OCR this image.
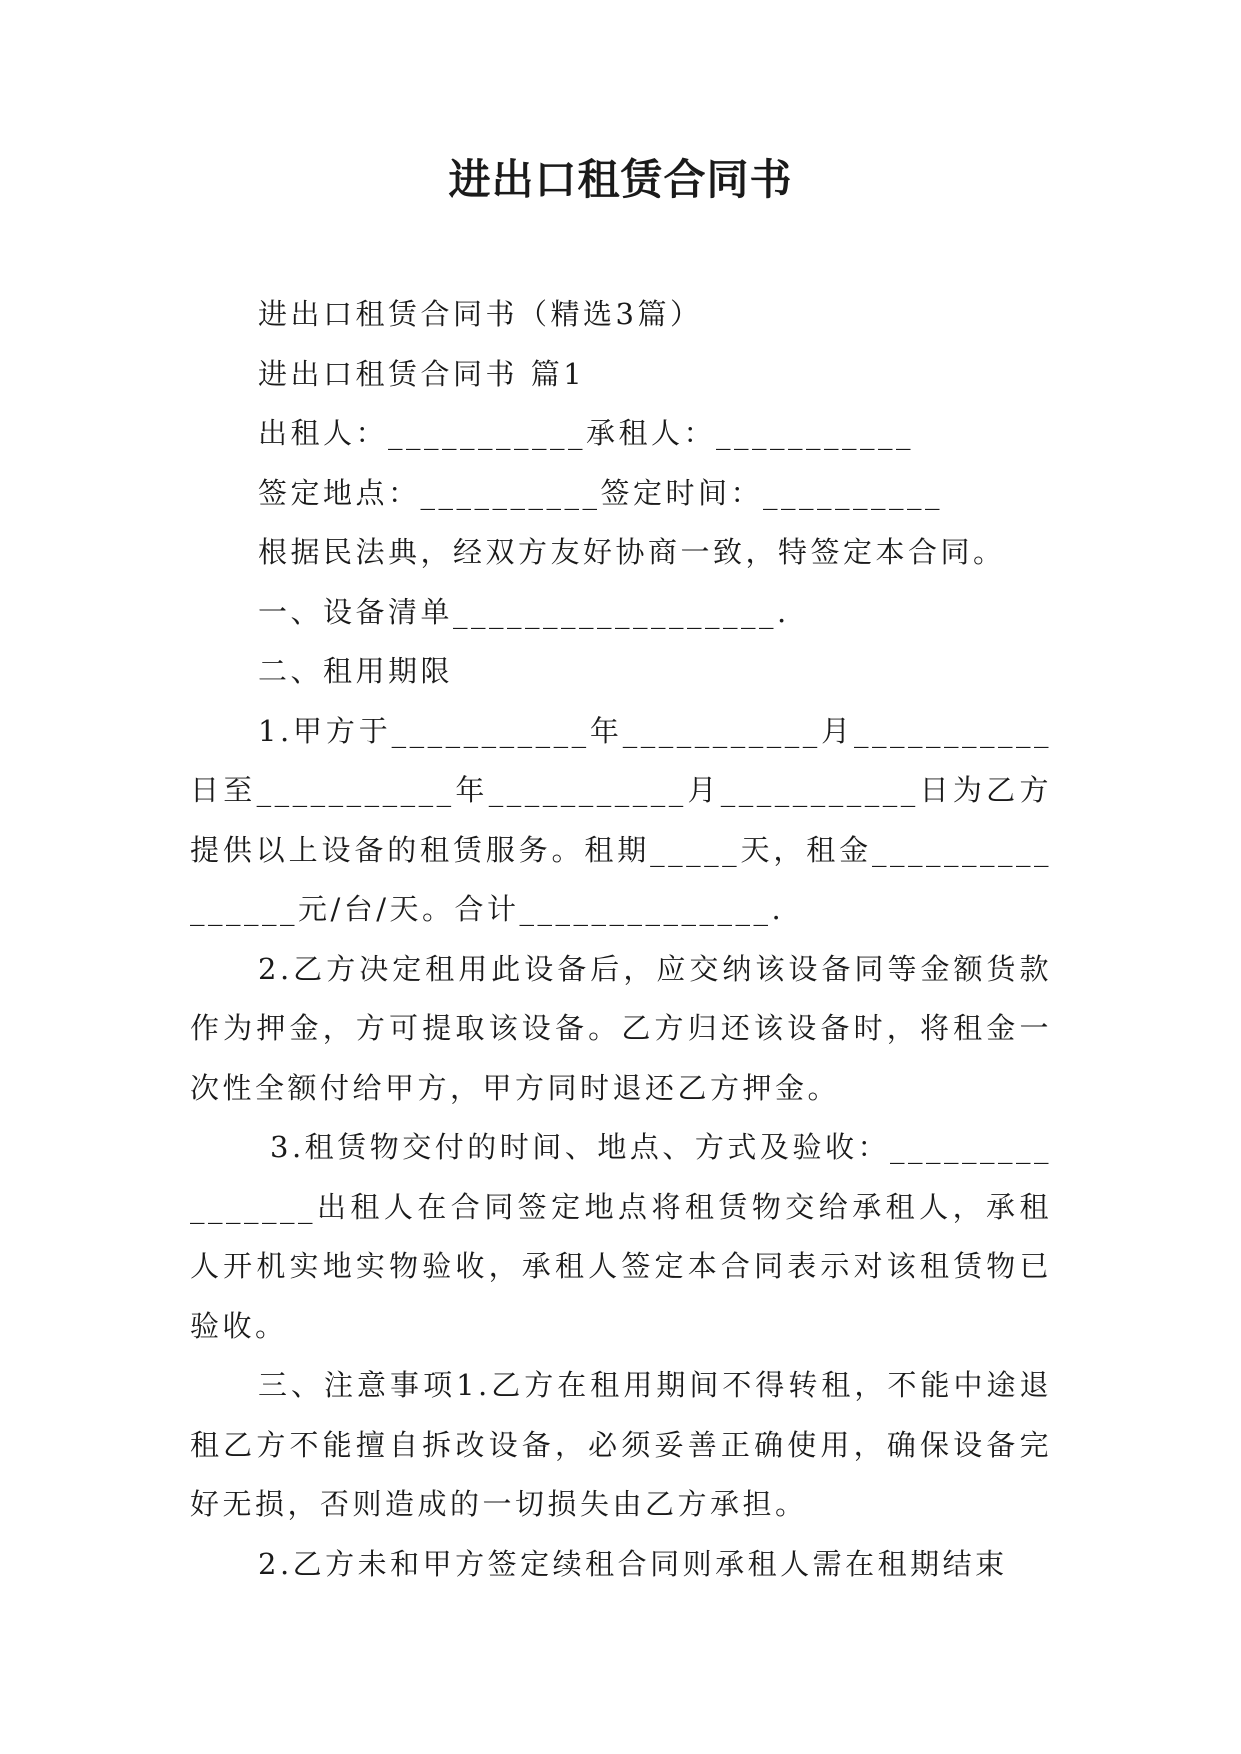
进出口租赁合同书

进出口租赁合同书（精选3篇）

进出口租赁合同书 篇1

出租人：___________承租人：___________

签定地点：__________签定时间：__________

根据民法典，经双方友好协商一致，特签定本合同。

一、设备清单__________________.

二、租用期限

1.甲方于___________年___________月___________日至___________年___________月___________日为乙方提供以上设备的租赁服务。租期_____天，租金________________元/台/天。合计______________.

2.乙方决定租用此设备后，应交纳该设备同等金额货款作为押金，方可提取该设备。乙方归还该设备时，将租金一次性全额付给甲方，甲方同时退还乙方押金。

3.租赁物交付的时间、地点、方式及验收：________________出租人在合同签定地点将租赁物交给承租人，承租人开机实地实物验收，承租人签定本合同表示对该租赁物已验收。

三、注意事项1.乙方在租用期间不得转租，不能中途退租乙方不能擅自拆改设备，必须妥善正确使用，确保设备完好无损，否则造成的一切损失由乙方承担。

2.乙方未和甲方签定续租合同则承租人需在租期结束
